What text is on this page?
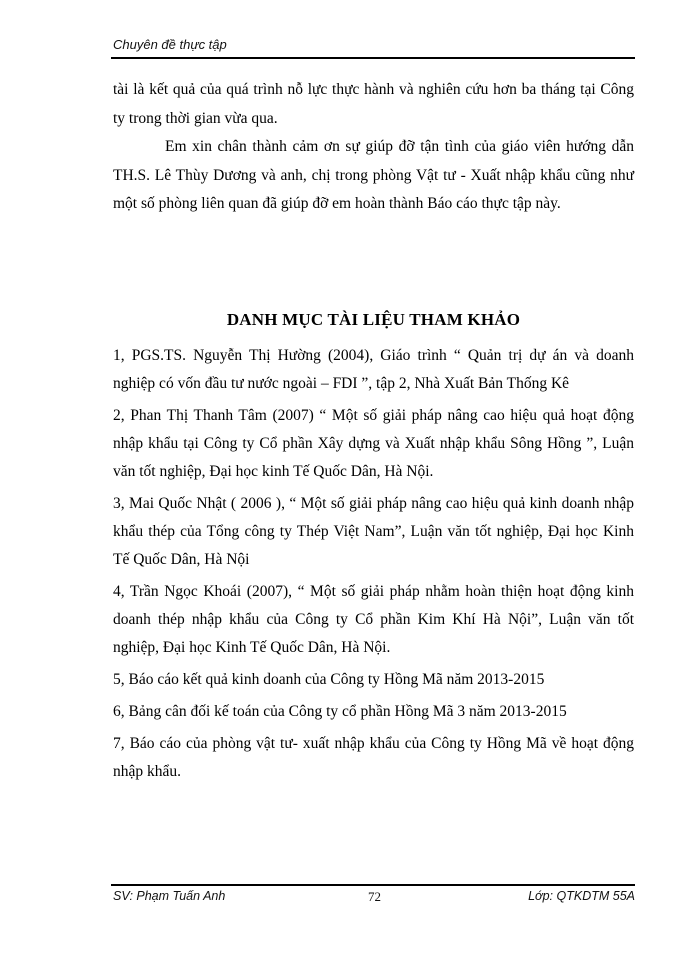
Chuyên đề thực tập

tài là kết quả của quá trình nỗ lực thực hành và nghiên cứu hơn ba tháng tại Công ty trong thời gian vừa qua.

Em xin chân thành cảm ơn sự giúp đỡ tận tình của giáo viên hướng dẫn TH.S. Lê Thùy Dương và anh, chị trong phòng Vật tư - Xuất nhập khẩu cũng như một số phòng liên quan đã giúp đỡ em hoàn thành Báo cáo thực tập này.

DANH MỤC TÀI LIỆU THAM KHẢO

1, PGS.TS. Nguyễn Thị Hường (2004), Giáo trình “ Quản trị dự án và doanh nghiệp có vốn đầu tư nước ngoài – FDI ”, tập 2, Nhà Xuất Bản Thống Kê

2, Phan Thị Thanh Tâm (2007) “ Một số giải pháp nâng cao hiệu quả hoạt động nhập khẩu tại Công ty Cổ phần Xây dựng và Xuất nhập khẩu Sông Hồng ”, Luận văn tốt nghiệp, Đại học kinh Tế Quốc Dân, Hà Nội.

3, Mai Quốc Nhật ( 2006 ), “ Một số giải pháp nâng cao hiệu quả kinh doanh nhập khẩu thép của Tổng công ty Thép Việt Nam”, Luận văn tốt nghiệp, Đại học Kinh Tế Quốc Dân, Hà Nội

4, Trần Ngọc Khoái (2007), “ Một số giải pháp nhằm hoàn thiện hoạt động kinh doanh thép nhập khẩu của Công ty Cổ phần Kim Khí Hà Nội”, Luận văn tốt nghiệp, Đại học Kinh Tế Quốc Dân, Hà Nội.

5, Báo cáo kết quả kinh doanh của Công ty Hồng Mã năm 2013-2015

6, Bảng cân đối kế toán của Công ty cổ phần Hồng Mã 3 năm 2013-2015

7, Báo cáo của phòng vật tư- xuất nhập khẩu của Công ty Hồng Mã về hoạt động nhập khẩu.

SV: Phạm Tuấn Anh	72	Lớp: QTKDTM 55A
